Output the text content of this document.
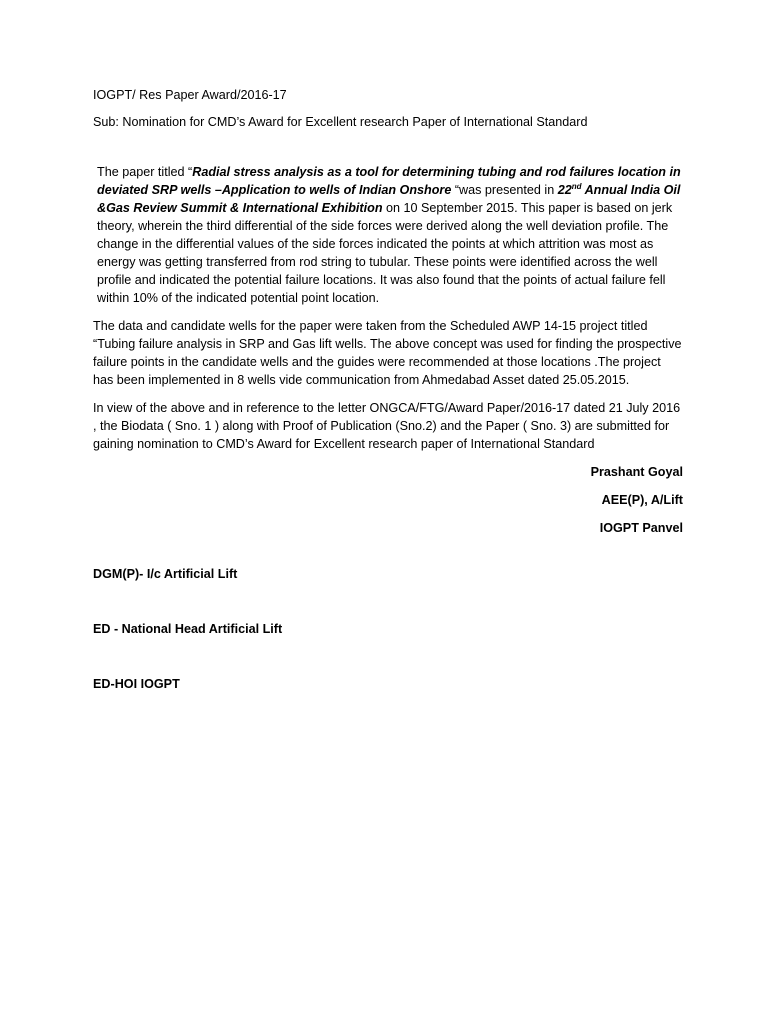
IOGPT/ Res Paper Award/2016-17

Sub: Nomination for CMD’s Award for Excellent research Paper of International Standard

The paper titled “Radial stress analysis as a tool for determining tubing and rod failures location in deviated SRP wells –Application to wells of Indian Onshore “was presented in 22nd Annual India Oil &Gas Review Summit & International Exhibition on 10 September 2015. This paper is based on jerk theory, wherein the third differential of the side forces were derived along the well deviation profile. The change in the differential values of the side forces indicated the points at which attrition was most as energy was getting transferred from rod string to tubular. These points were identified across the well profile and indicated the potential failure locations. It was also found that the points of actual failure fell within 10% of the indicated potential point location.

The data and candidate wells for the paper were taken from the Scheduled AWP 14-15 project titled “Tubing failure analysis in SRP and Gas lift wells. The above concept was used for finding the prospective failure points in the candidate wells and the guides were recommended at those locations .The project has been implemented in 8 wells vide communication from Ahmedabad Asset dated 25.05.2015.

In view of the above and in reference to the letter ONGCA/FTG/Award Paper/2016-17 dated 21 July 2016 , the Biodata ( Sno. 1 ) along with Proof of Publication (Sno.2) and the Paper ( Sno. 3) are submitted for gaining nomination to CMD’s Award for Excellent research paper of International Standard

Prashant Goyal

AEE(P), A/Lift

IOGPT Panvel

DGM(P)- I/c Artificial Lift

ED - National Head Artificial Lift

ED-HOI IOGPT
